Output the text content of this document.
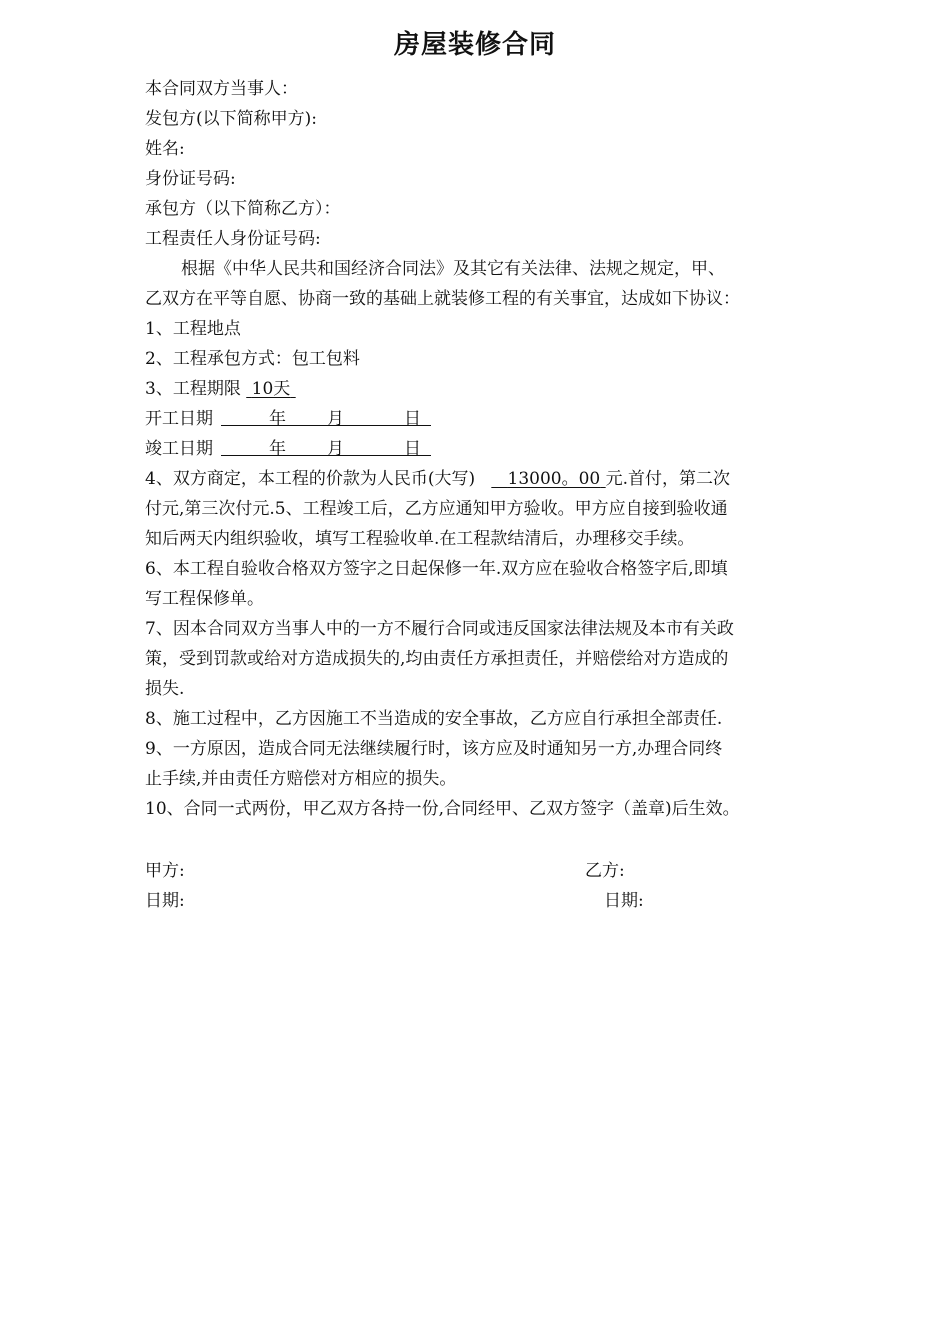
房屋装修合同
本合同双方当事人：
发包方(以下简称甲方):
姓名:
身份证号码:
承包方（以下简称乙方）：
工程责任人身份证号码:
根据《中华人民共和国经济合同法》及其它有关法律、法规之规定，甲、
乙双方在平等自愿、协商一致的基础上就装修工程的有关事宜，达成如下协议：
1、工程地点
2、工程承包方式：包工包料
3、工程期限 10天
开工日期	年 月	日
竣工日期	年 月	日
4、双方商定，本工程的价款为人民币(大写) 13000。00 元.首付，第二次
付元,第三次付元.5、工程竣工后，乙方应通知甲方验收。甲方应自接到验收通
知后两天内组织验收，填写工程验收单.在工程款结清后，办理移交手续。
6、本工程自验收合格双方签字之日起保修一年.双方应在验收合格签字后,即填
写工程保修单。
7、因本合同双方当事人中的一方不履行合同或违反国家法律法规及本市有关政
策，受到罚款或给对方造成损失的,均由责任方承担责任，并赔偿给对方造成的
损失.
8、施工过程中，乙方因施工不当造成的安全事故，乙方应自行承担全部责任.
9、一方原因，造成合同无法继续履行时，该方应及时通知另一方,办理合同终
止手续,并由责任方赔偿对方相应的损失。
10、合同一式两份，甲乙双方各持一份,合同经甲、乙双方签字（盖章)后生效。
甲方:	乙方:
日期:	日期:
